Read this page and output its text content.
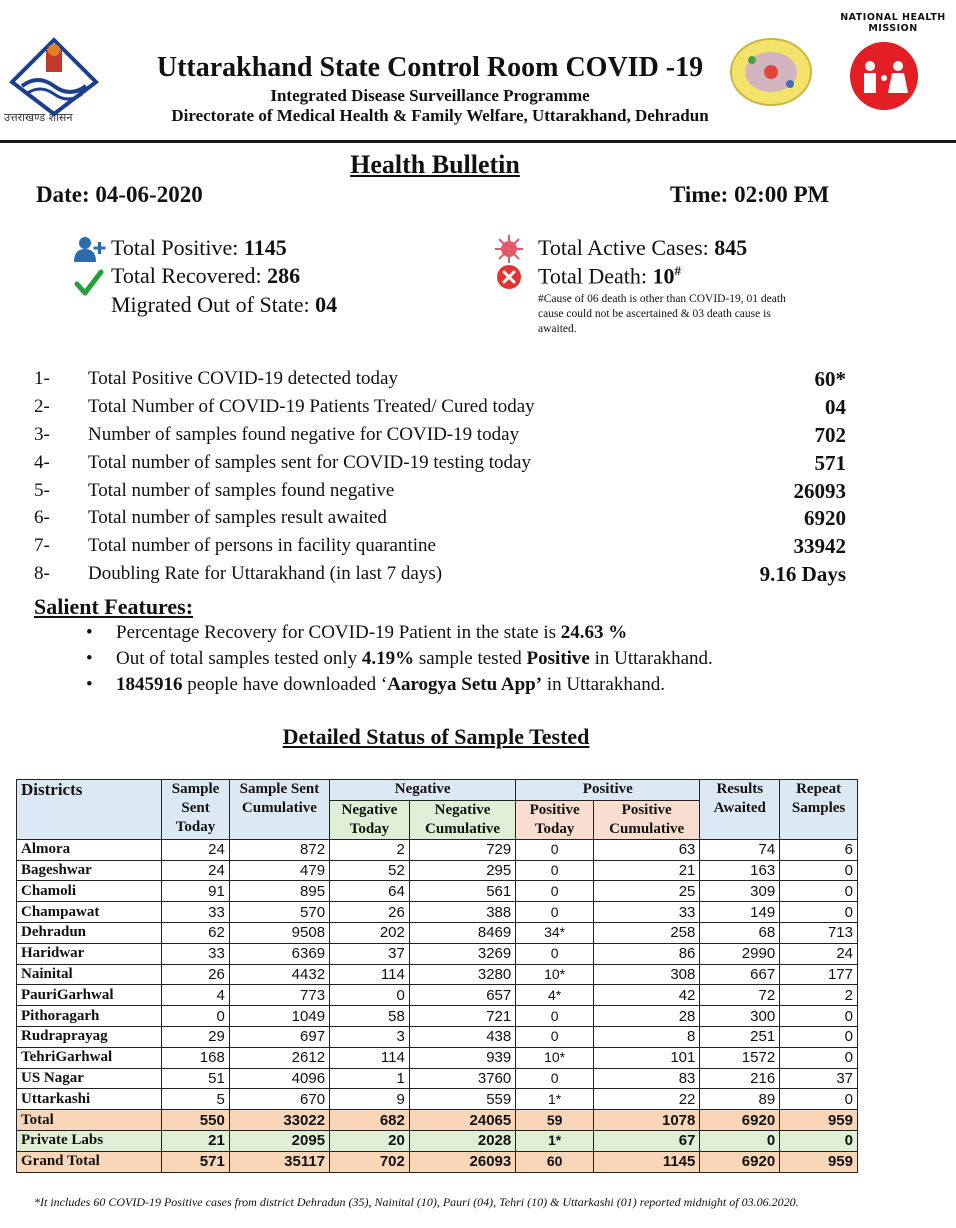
उत्तराखण्ड शासन
Uttarakhand State Control Room COVID -19
Integrated Disease Surveillance Programme
Directorate of Medical Health & Family Welfare, Uttarakhand, Dehradun
NATIONAL HEALTH MISSION
Health Bulletin
Date: 04-06-2020	Time: 02:00 PM
Total Positive: 1145
Total Recovered: 286
Migrated Out of State: 04
Total Active Cases: 845
Total Death: 10#
#Cause of 06 death is other than COVID-19, 01 death cause could not be ascertained & 03 death cause is awaited.
1- Total Positive COVID-19 detected today	60*
2- Total Number of COVID-19 Patients Treated/ Cured today	04
3- Number of samples found negative for COVID-19 today	702
4- Total number of samples sent for COVID-19 testing today	571
5- Total number of samples found negative	26093
6- Total number of samples result awaited	6920
7- Total number of persons in facility quarantine	33942
8- Doubling Rate for Uttarakhand (in last 7 days)	9.16 Days
Salient Features:
• Percentage Recovery for COVID-19 Patient in the state is 24.63 %
• Out of total samples tested only 4.19% sample tested Positive in Uttarakhand.
• 1845916 people have downloaded ‘Aarogya Setu App’ in Uttarakhand.
Detailed Status of Sample Tested
Districts	Sample Sent Today	Sample Sent Cumulative	Negative		Positive		Results Awaited	Repeat Samples
			Negative Today	Negative Cumulative	Positive Today	Positive Cumulative		
Almora	24	872	2	729	0	63	74	6
Bageshwar	24	479	52	295	0	21	163	0
Chamoli	91	895	64	561	0	25	309	0
Champawat	33	570	26	388	0	33	149	0
Dehradun	62	9508	202	8469	34*	258	68	713
Haridwar	33	6369	37	3269	0	86	2990	24
Nainital	26	4432	114	3280	10*	308	667	177
PauriGarhwal	4	773	0	657	4*	42	72	2
Pithoragarh	0	1049	58	721	0	28	300	0
Rudraprayag	29	697	3	438	0	8	251	0
TehriGarhwal	168	2612	114	939	10*	101	1572	0
US Nagar	51	4096	1	3760	0	83	216	37
Uttarkashi	5	670	9	559	1*	22	89	0
Total	550	33022	682	24065	59	1078	6920	959
Private Labs	21	2095	20	2028	1*	67	0	0
Grand Total	571	35117	702	26093	60	1145	6920	959
*It includes 60 COVID-19 Positive cases from district Dehradun (35), Nainital (10), Pauri (04), Tehri (10) & Uttarkashi (01) reported midnight of 03.06.2020.
